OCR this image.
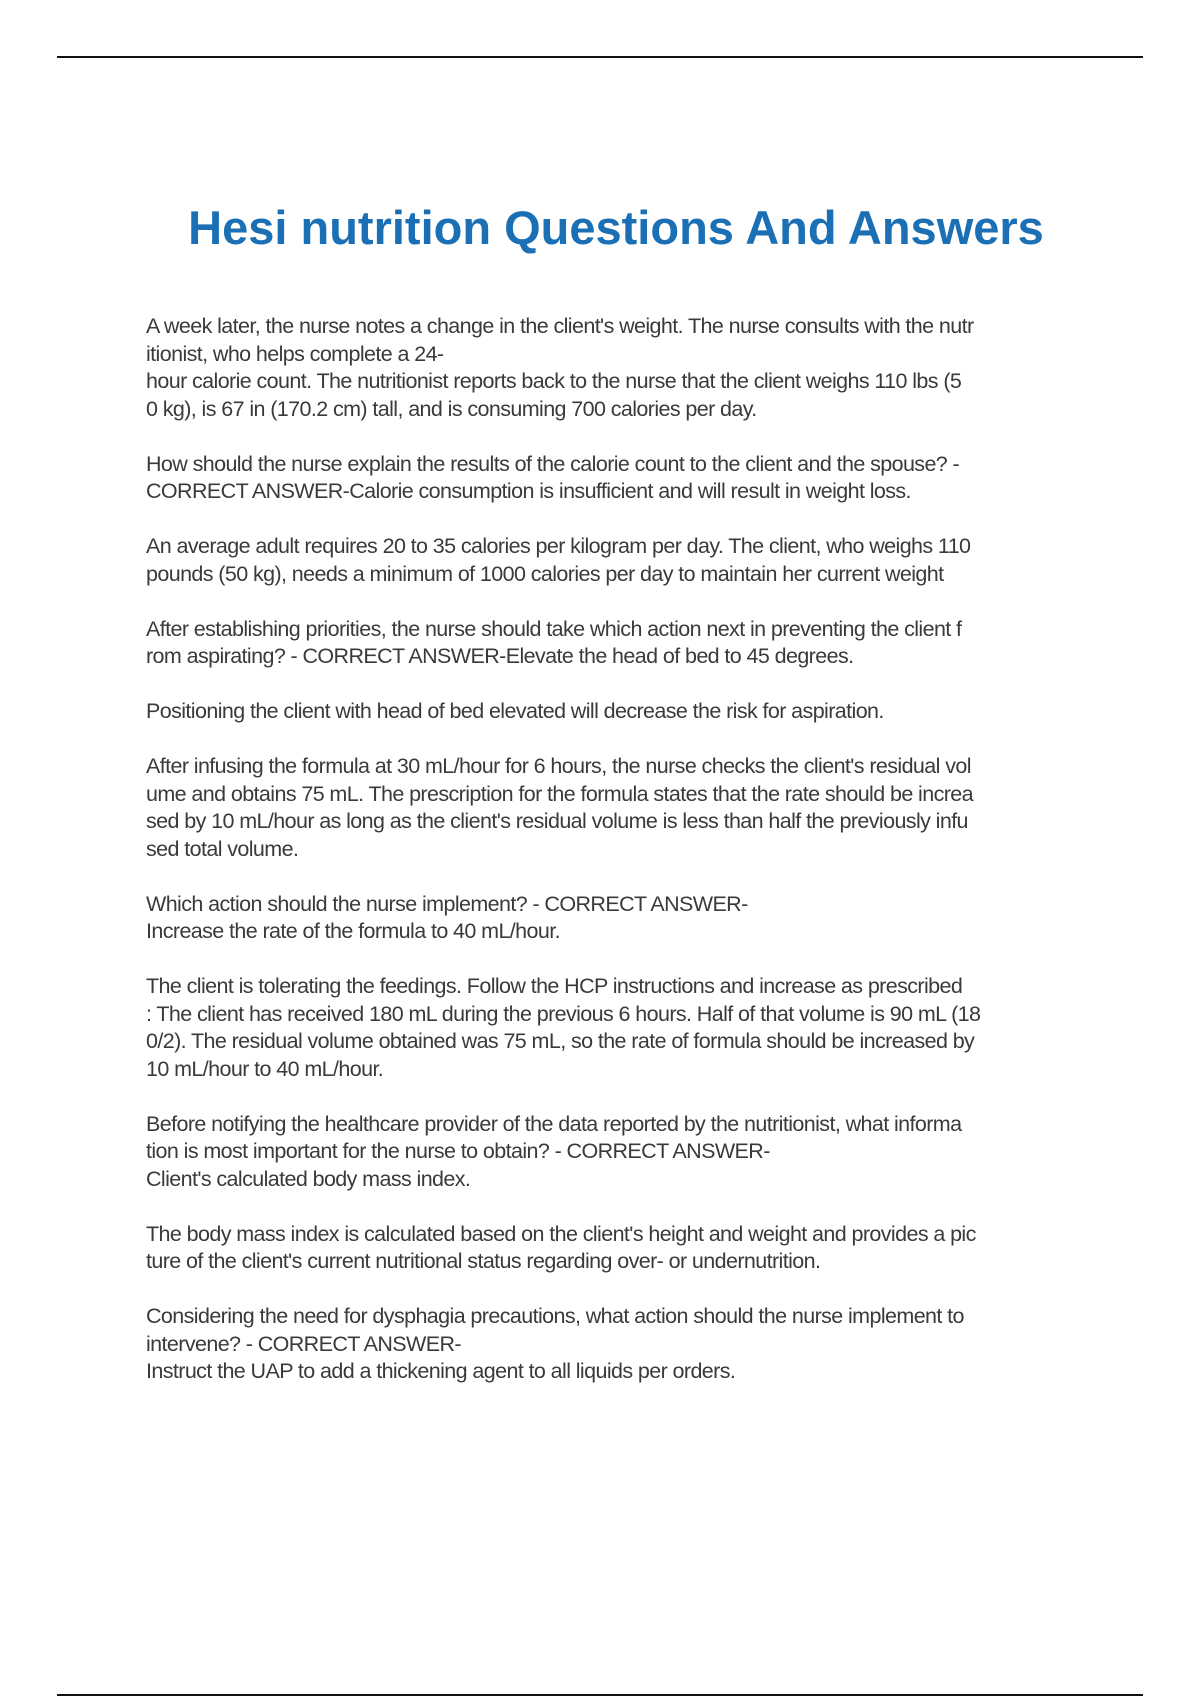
Hesi nutrition Questions And Answers

A week later, the nurse notes a change in the client's weight. The nurse consults with the nutr
itionist, who helps complete a 24-
hour calorie count. The nutritionist reports back to the nurse that the client weighs 110 lbs (5
0 kg), is 67 in (170.2 cm) tall, and is consuming 700 calories per day.

How should the nurse explain the results of the calorie count to the client and the spouse? -
CORRECT ANSWER-Calorie consumption is insufficient and will result in weight loss.

An average adult requires 20 to 35 calories per kilogram per day. The client, who weighs 110
pounds (50 kg), needs a minimum of 1000 calories per day to maintain her current weight

After establishing priorities, the nurse should take which action next in preventing the client f
rom aspirating? - CORRECT ANSWER-Elevate the head of bed to 45 degrees.

Positioning the client with head of bed elevated will decrease the risk for aspiration.

After infusing the formula at 30 mL/hour for 6 hours, the nurse checks the client's residual vol
ume and obtains 75 mL. The prescription for the formula states that the rate should be increa
sed by 10 mL/hour as long as the client's residual volume is less than half the previously infu
sed total volume.

Which action should the nurse implement? - CORRECT ANSWER-
Increase the rate of the formula to 40 mL/hour.

The client is tolerating the feedings. Follow the HCP instructions and increase as prescribed
: The client has received 180 mL during the previous 6 hours. Half of that volume is 90 mL (18
0/2). The residual volume obtained was 75 mL, so the rate of formula should be increased by
10 mL/hour to 40 mL/hour.

Before notifying the healthcare provider of the data reported by the nutritionist, what informa
tion is most important for the nurse to obtain? - CORRECT ANSWER-
Client's calculated body mass index.

The body mass index is calculated based on the client's height and weight and provides a pic
ture of the client's current nutritional status regarding over- or undernutrition.

Considering the need for dysphagia precautions, what action should the nurse implement to
intervene? - CORRECT ANSWER-
Instruct the UAP to add a thickening agent to all liquids per orders.
